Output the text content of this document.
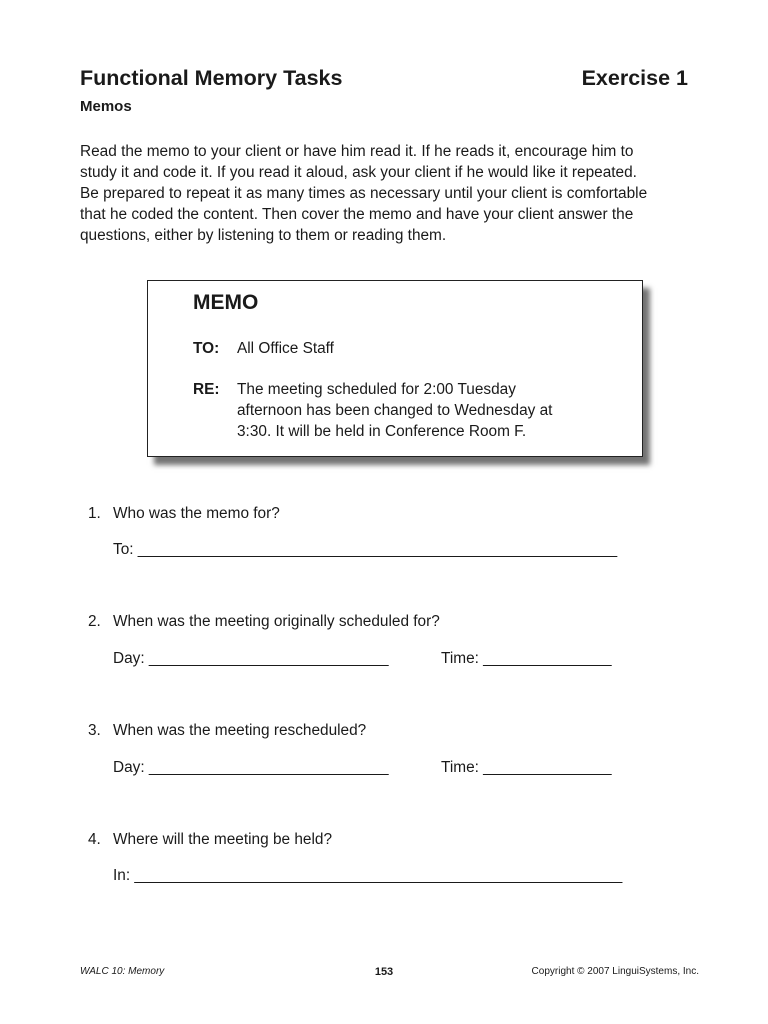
Functional Memory Tasks	Exercise 1
Memos
Read the memo to your client or have him read it. If he reads it, encourage him to
study it and code it. If you read it aloud, ask your client if he would like it repeated.
Be prepared to repeat it as many times as necessary until your client is comfortable
that he coded the content. Then cover the memo and have your client answer the
questions, either by listening to them or reading them.
MEMO
TO: All Office Staff
RE: The meeting scheduled for 2:00 Tuesday
afternoon has been changed to Wednesday at
3:30. It will be held in Conference Room F.
1. Who was the memo for?
To: ________________________________________________________
2. When was the meeting originally scheduled for?
Day: ____________________________	Time: _______________
3. When was the meeting rescheduled?
Day: ____________________________	Time: _______________
4. Where will the meeting be held?
In: _________________________________________________________
WALC 10: Memory	153	Copyright © 2007 LinguiSystems, Inc.
